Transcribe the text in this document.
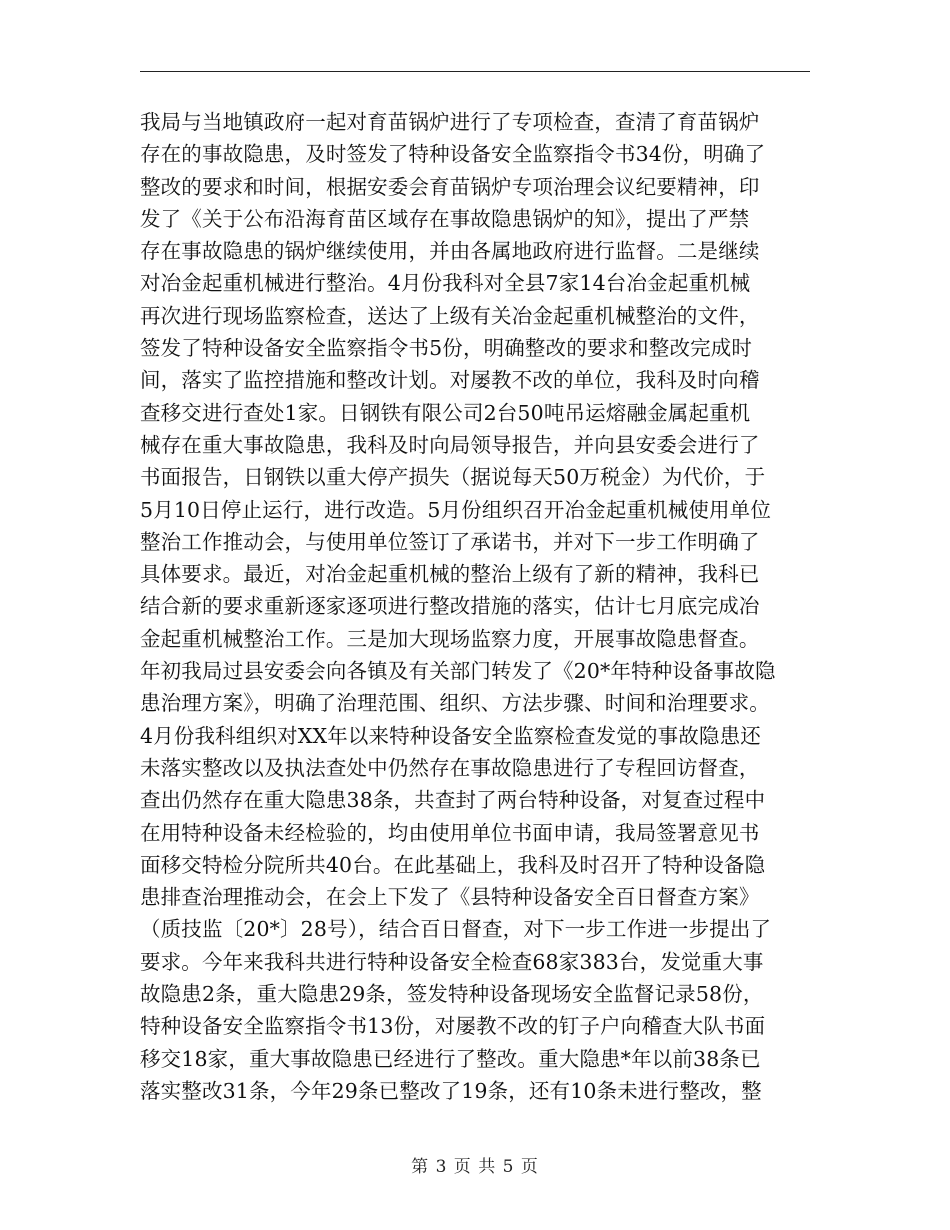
我局与当地镇政府一起对育苗锅炉进行了专项检查，查清了育苗锅炉
存在的事故隐患，及时签发了特种设备安全监察指令书34份，明确了
整改的要求和时间，根据安委会育苗锅炉专项治理会议纪要精神，印
发了《关于公布沿海育苗区域存在事故隐患锅炉的知》，提出了严禁
存在事故隐患的锅炉继续使用，并由各属地政府进行监督。二是继续
对冶金起重机械进行整治。4月份我科对全县7家14台冶金起重机械
再次进行现场监察检查，送达了上级有关冶金起重机械整治的文件，
签发了特种设备安全监察指令书5份，明确整改的要求和整改完成时
间，落实了监控措施和整改计划。对屡教不改的单位，我科及时向稽
查移交进行查处1家。日钢铁有限公司2台50吨吊运熔融金属起重机
械存在重大事故隐患，我科及时向局领导报告，并向县安委会进行了
书面报告，日钢铁以重大停产损失（据说每天50万税金）为代价，于
5月10日停止运行，进行改造。5月份组织召开冶金起重机械使用单位
整治工作推动会，与使用单位签订了承诺书，并对下一步工作明确了
具体要求。最近，对冶金起重机械的整治上级有了新的精神，我科已
结合新的要求重新逐家逐项进行整改措施的落实，估计七月底完成冶
金起重机械整治工作。三是加大现场监察力度，开展事故隐患督查。
年初我局过县安委会向各镇及有关部门转发了《20*年特种设备事故隐
患治理方案》，明确了治理范围、组织、方法步骤、时间和治理要求。
4月份我科组织对XX年以来特种设备安全监察检查发觉的事故隐患还
未落实整改以及执法查处中仍然存在事故隐患进行了专程回访督查，
查出仍然存在重大隐患38条，共查封了两台特种设备，对复查过程中
在用特种设备未经检验的，均由使用单位书面申请，我局签署意见书
面移交特检分院所共40台。在此基础上，我科及时召开了特种设备隐
患排查治理推动会，在会上下发了《县特种设备安全百日督查方案》
（质技监〔20*〕28号），结合百日督查，对下一步工作进一步提出了
要求。今年来我科共进行特种设备安全检查68家383台，发觉重大事
故隐患2条，重大隐患29条，签发特种设备现场安全监督记录58份，
特种设备安全监察指令书13份，对屡教不改的钉子户向稽查大队书面
移交18家，重大事故隐患已经进行了整改。重大隐患*年以前38条已
落实整改31条，今年29条已整改了19条，还有10条未进行整改，整
第 3 页 共 5 页
